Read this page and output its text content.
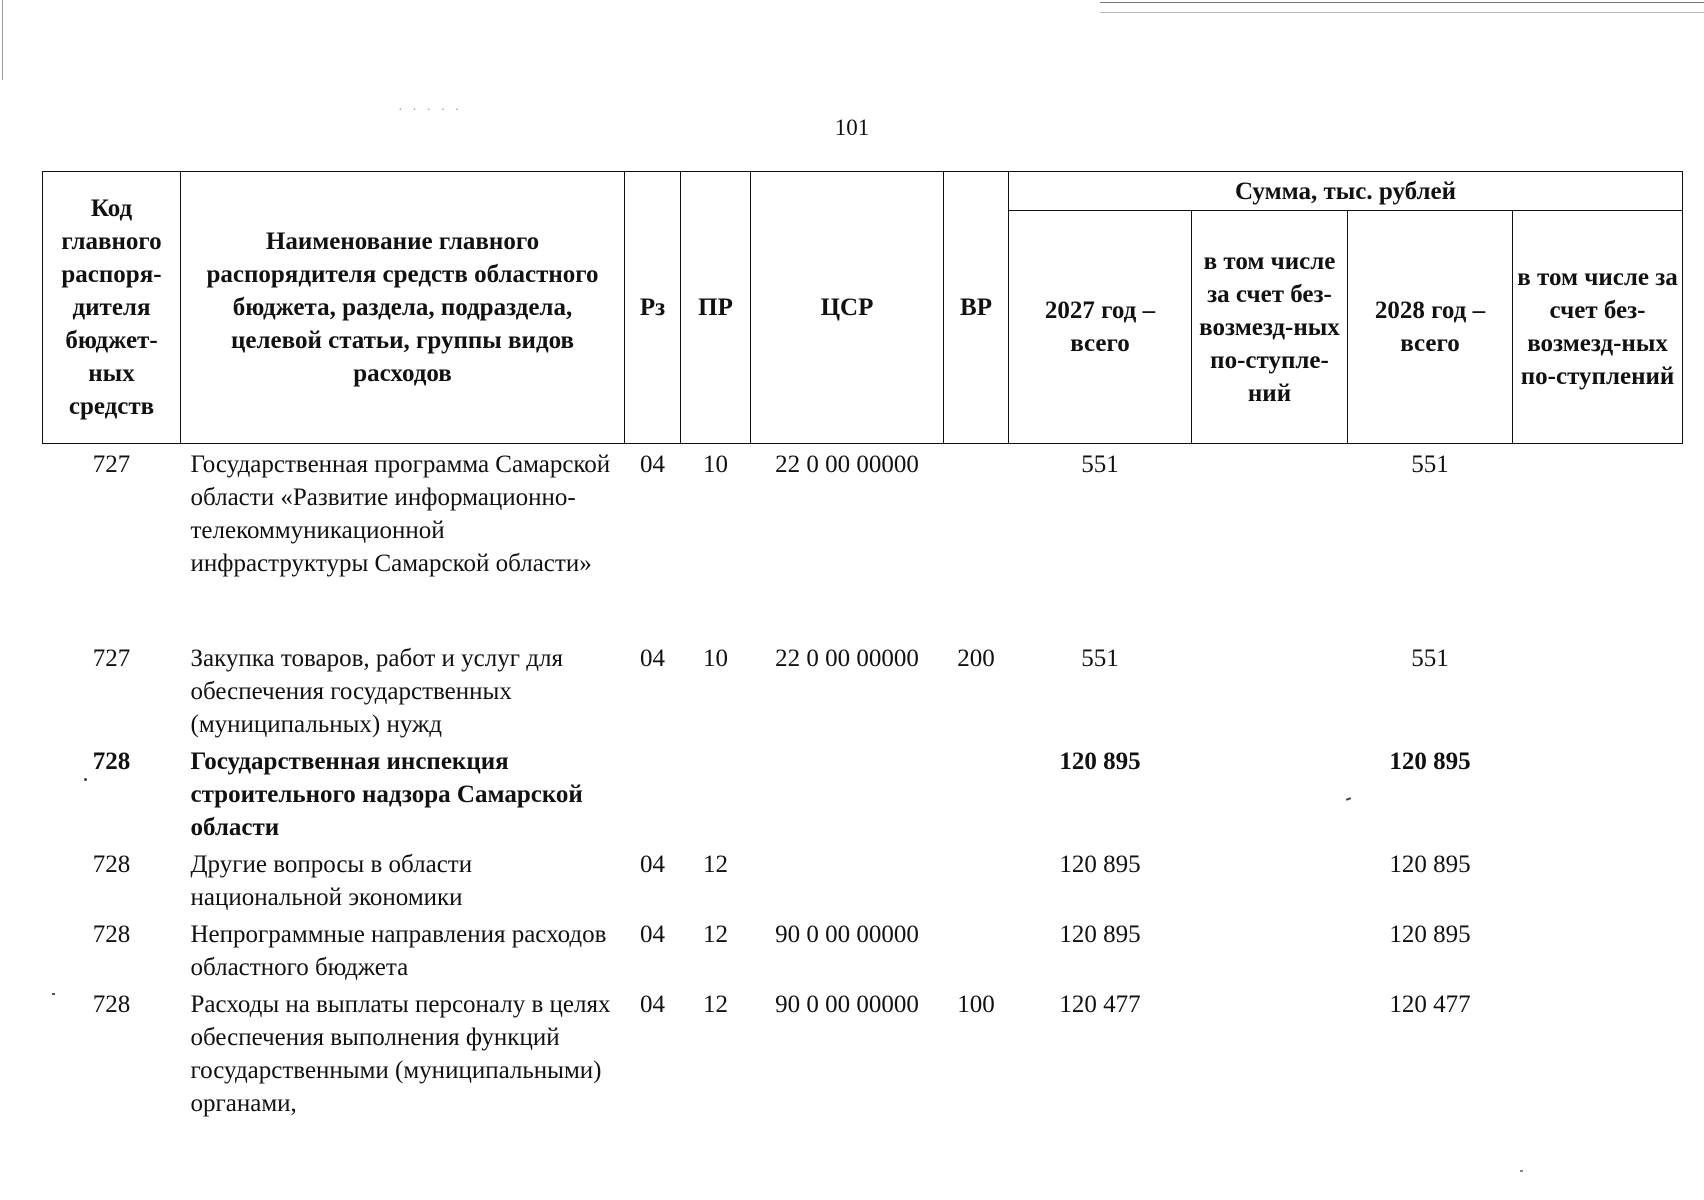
· · · · ·
101
Код главного распоря-дителя бюджет-ных средств	Наименование главного распорядителя средств областного бюджета, раздела, подраздела, целевой статьи, группы видов расходов	Рз	ПР	ЦСР	ВР	Сумма, тыс. рублей			
						2027 год – всего	в том числе за счет без-возмезд-ных по-ступле-ний	2028 год – всего	в том числе за счет без-возмезд-ных по-ступлений
727	Государственная программа Самарской области «Развитие информационно-телекоммуникационной инфраструктуры Самарской области»	04	10	22 0 00 00000		551		551	
727	Закупка товаров, работ и услуг для обеспечения государственных (муниципальных) нужд	04	10	22 0 00 00000	200	551		551	
728	Государственная инспекция строительного надзора Самарской области					120 895		120 895	
728	Другие вопросы в области национальной экономики	04	12			120 895		120 895	
728	Непрограммные направления расходов областного бюджета	04	12	90 0 00 00000		120 895		120 895	
728	Расходы на выплаты персоналу в целях обеспечения выполнения функций государственными (муниципальными) органами,	04	12	90 0 00 00000	100	120 477		120 477	
